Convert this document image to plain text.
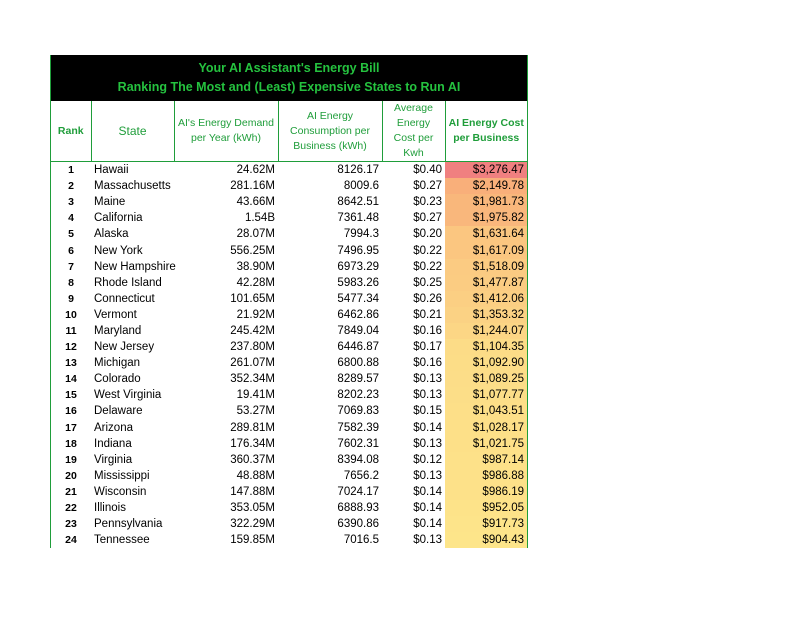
Your AI Assistant's Energy Bill
Ranking The Most and (Least) Expensive States to Run AI
Rank	State	AI's Energy Demand per Year (kWh)	AI Energy Consumption per Business (kWh)	Average Energy Cost per Kwh	AI Energy Cost per Business
1	Hawaii	24.62M	8126.17	$0.40	$3,276.47
2	Massachusetts	281.16M	8009.6	$0.27	$2,149.78
3	Maine	43.66M	8642.51	$0.23	$1,981.73
4	California	1.54B	7361.48	$0.27	$1,975.82
5	Alaska	28.07M	7994.3	$0.20	$1,631.64
6	New York	556.25M	7496.95	$0.22	$1,617.09
7	New Hampshire	38.90M	6973.29	$0.22	$1,518.09
8	Rhode Island	42.28M	5983.26	$0.25	$1,477.87
9	Connecticut	101.65M	5477.34	$0.26	$1,412.06
10	Vermont	21.92M	6462.86	$0.21	$1,353.32
11	Maryland	245.42M	7849.04	$0.16	$1,244.07
12	New Jersey	237.80M	6446.87	$0.17	$1,104.35
13	Michigan	261.07M	6800.88	$0.16	$1,092.90
14	Colorado	352.34M	8289.57	$0.13	$1,089.25
15	West Virginia	19.41M	8202.23	$0.13	$1,077.77
16	Delaware	53.27M	7069.83	$0.15	$1,043.51
17	Arizona	289.81M	7582.39	$0.14	$1,028.17
18	Indiana	176.34M	7602.31	$0.13	$1,021.75
19	Virginia	360.37M	8394.08	$0.12	$987.14
20	Mississippi	48.88M	7656.2	$0.13	$986.88
21	Wisconsin	147.88M	7024.17	$0.14	$986.19
22	Illinois	353.05M	6888.93	$0.14	$952.05
23	Pennsylvania	322.29M	6390.86	$0.14	$917.73
24	Tennessee	159.85M	7016.5	$0.13	$904.43
